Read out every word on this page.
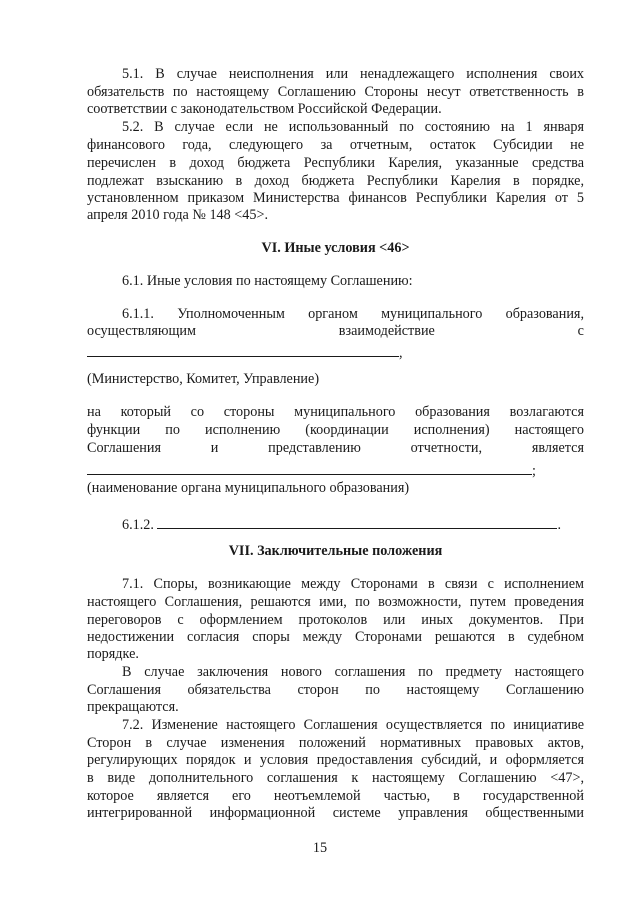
5.1. В случае неисполнения или ненадлежащего исполнения своих
обязательств по настоящему Соглашению Стороны несут ответственность в
соответствии с законодательством Российской Федерации.
5.2. В случае если не использованный по состоянию на 1 января
финансового года, следующего за отчетным, остаток Субсидии не
перечислен в доход бюджета Республики Карелия, указанные средства
подлежат взысканию в доход бюджета Республики Карелия в порядке,
установленном приказом Министерства финансов Республики Карелия от 5
апреля 2010 года № 148 <45>.
VI. Иные условия <46>
6.1. Иные условия по настоящему Соглашению:
6.1.1. Уполномоченным органом муниципального образования,
осуществляющим взаимодействие с
,
(Министерство, Комитет, Управление)
на который со стороны муниципального образования возлагаются
функции по исполнению (координации исполнения) настоящего
Соглашения и представлению отчетности, является
;
(наименование органа муниципального образования)
6.1.2.	.
VII. Заключительные положения
7.1. Споры, возникающие между Сторонами в связи с исполнением
настоящего Соглашения, решаются ими, по возможности, путем проведения
переговоров с оформлением протоколов или иных документов. При
недостижении согласия споры между Сторонами решаются в судебном
порядке.
В случае заключения нового соглашения по предмету настоящего
Соглашения обязательства сторон по настоящему Соглашению
прекращаются.
7.2. Изменение настоящего Соглашения осуществляется по инициативе
Сторон в случае изменения положений нормативных правовых актов,
регулирующих порядок и условия предоставления субсидий, и оформляется
в виде дополнительного соглашения к настоящему Соглашению <47>,
которое является его неотъемлемой частью, в государственной
интегрированной информационной системе управления общественными
15
